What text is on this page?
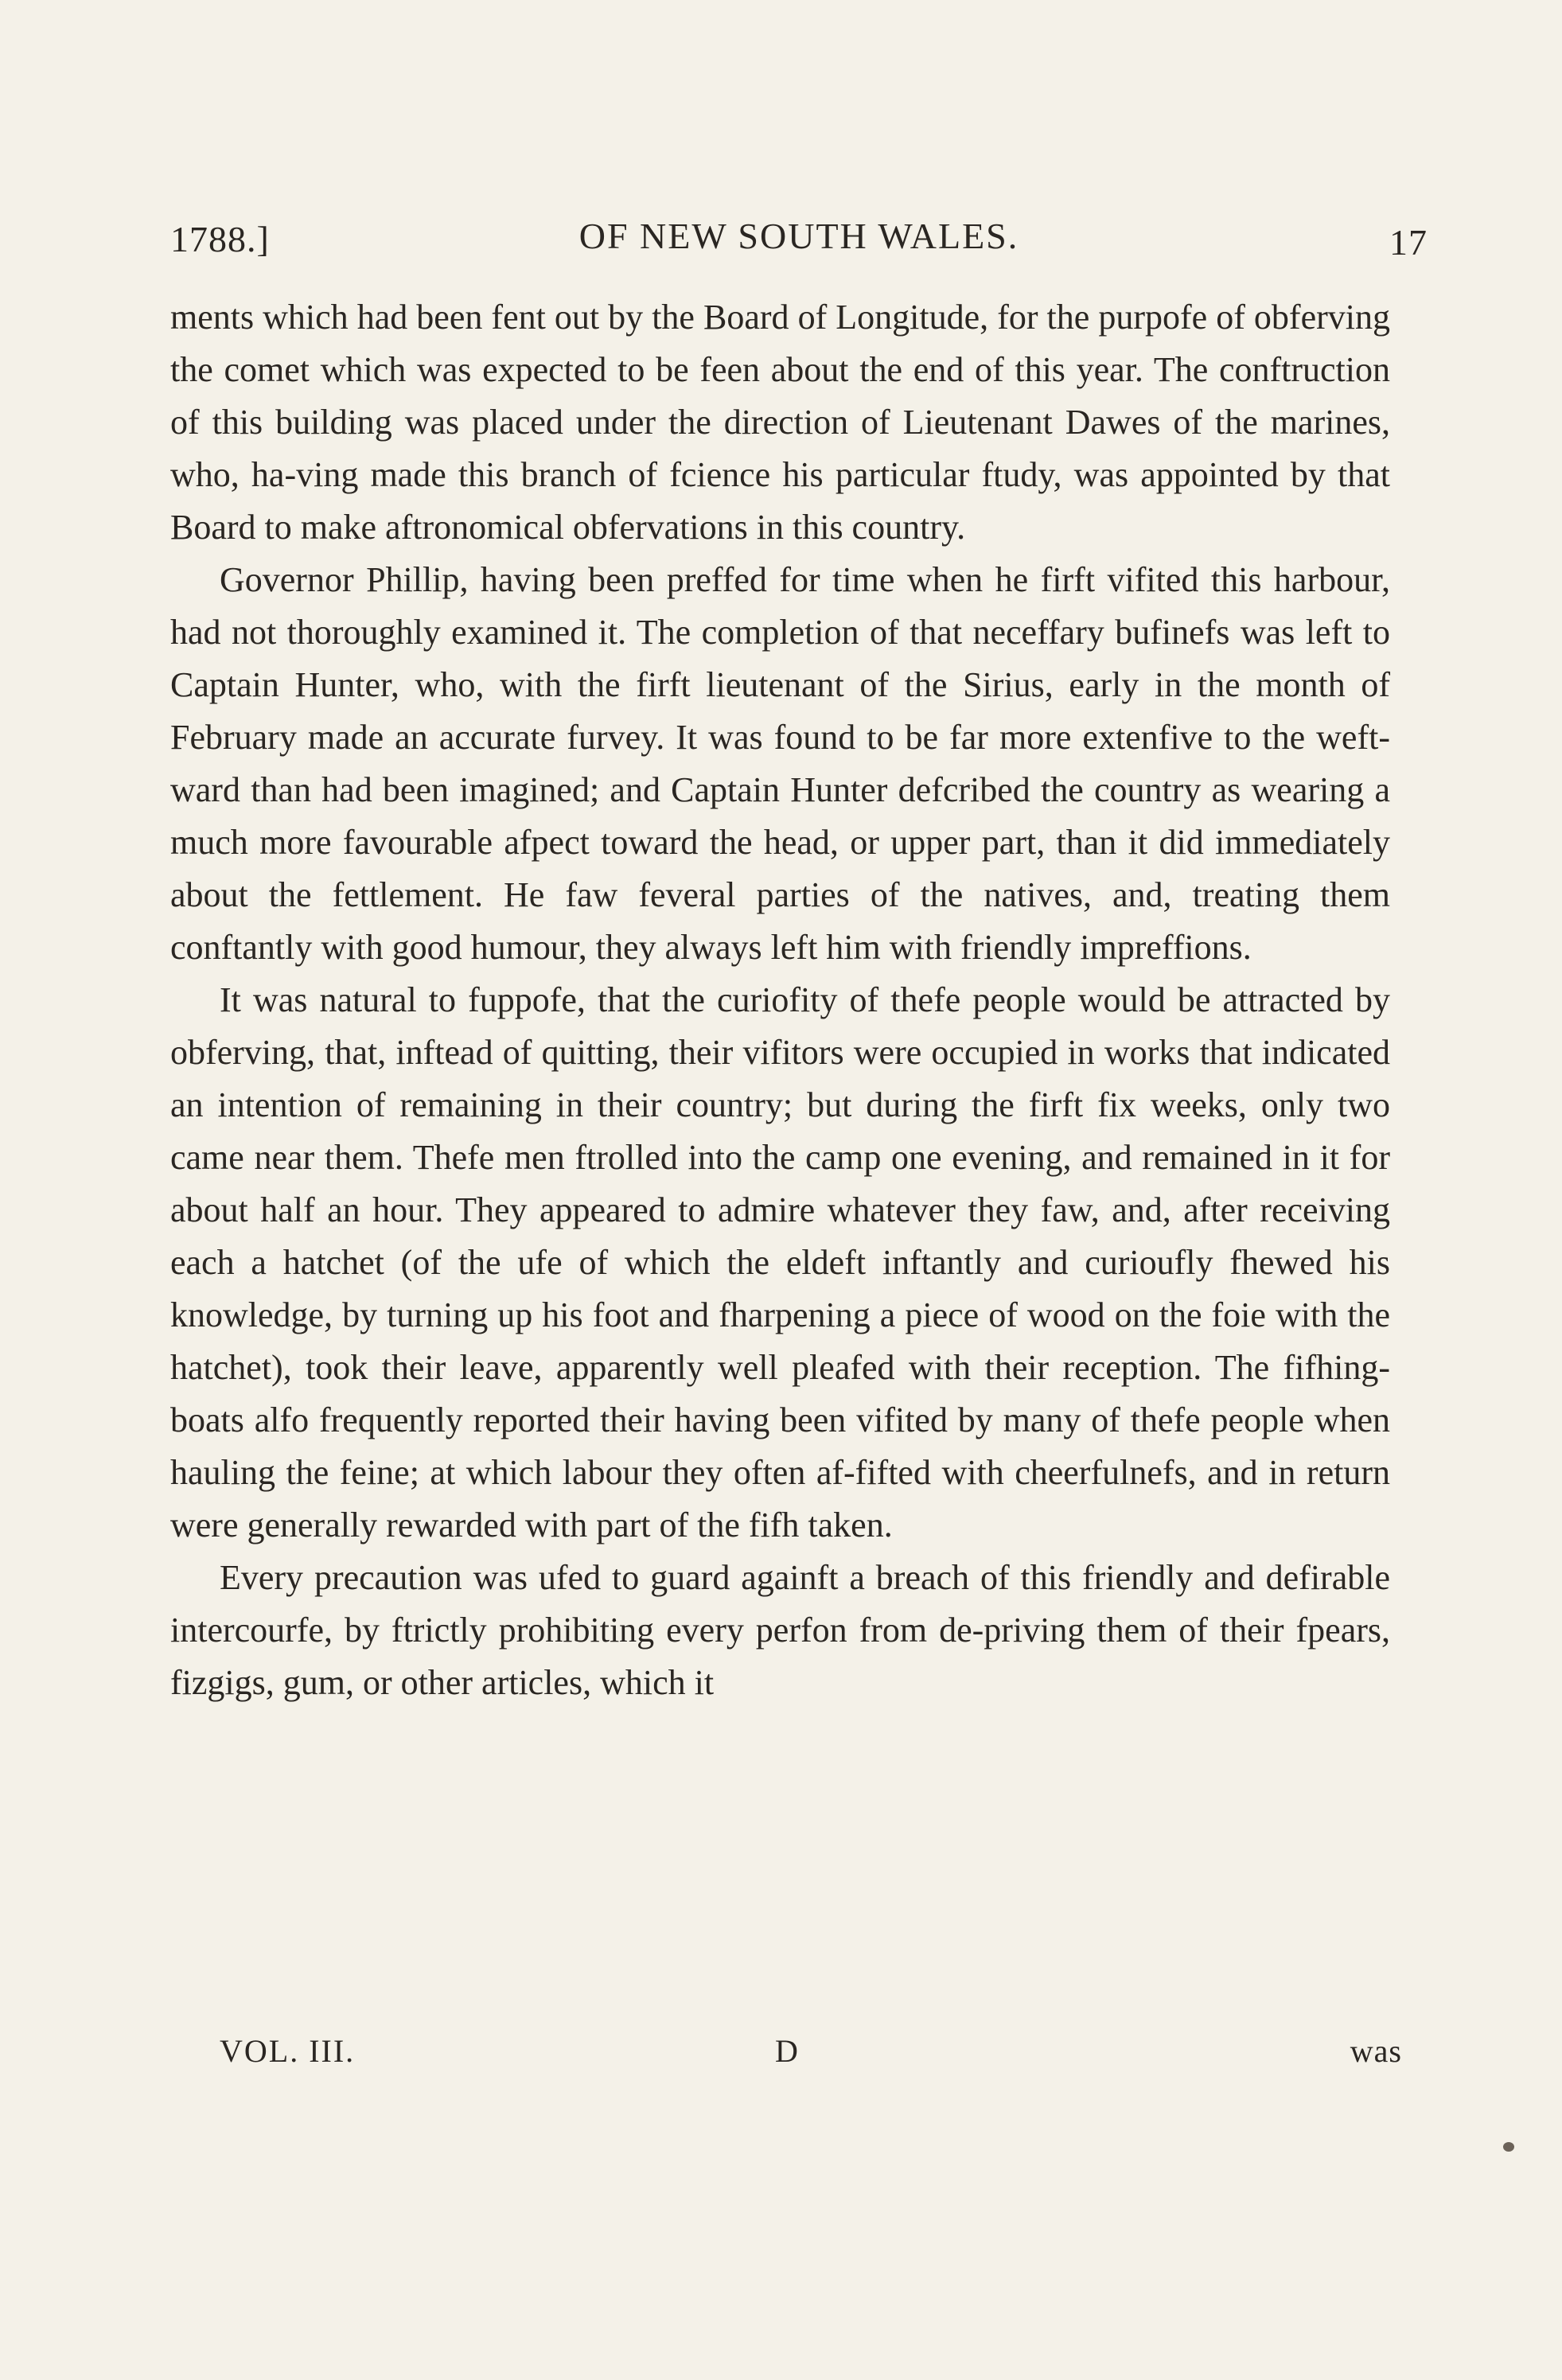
1788.]	OF NEW SOUTH WALES.	17

ments which had been fent out by the Board of Longitude, for the purpofe of obferving the comet which was expected to be feen about the end of this year. The conftruction of this building was placed under the direction of Lieutenant Dawes of the marines, who, ha-ving made this branch of fcience his particular ftudy, was appointed by that Board to make aftronomical obfervations in this country.

Governor Phillip, having been preffed for time when he firft vifited this harbour, had not thoroughly examined it. The completion of that neceffary bufinefs was left to Captain Hunter, who, with the firft lieutenant of the Sirius, early in the month of February made an accurate furvey. It was found to be far more extenfive to the weft-ward than had been imagined; and Captain Hunter defcribed the country as wearing a much more favourable afpect toward the head, or upper part, than it did immediately about the fettlement. He faw feveral parties of the natives, and, treating them conftantly with good humour, they always left him with friendly impreffions.

It was natural to fuppofe, that the curiofity of thefe people would be attracted by obferving, that, inftead of quitting, their vifitors were occupied in works that indicated an intention of remaining in their country; but during the firft fix weeks, only two came near them. Thefe men ftrolled into the camp one evening, and remained in it for about half an hour. They appeared to admire whatever they faw, and, after receiving each a hatchet (of the ufe of which the eldeft inftantly and curioufly fhewed his knowledge, by turning up his foot and fharpening a piece of wood on the foie with the hatchet), took their leave, apparently well pleafed with their reception. The fifhing-boats alfo frequently reported their having been vifited by many of thefe people when hauling the feine; at which labour they often af-fifted with cheerfulnefs, and in return were generally rewarded with part of the fifh taken.

Every precaution was ufed to guard againft a breach of this friendly and defirable intercourfe, by ftrictly prohibiting every perfon from de-priving them of their fpears, fizgigs, gum, or other articles, which it

VOL. III.	D	was
